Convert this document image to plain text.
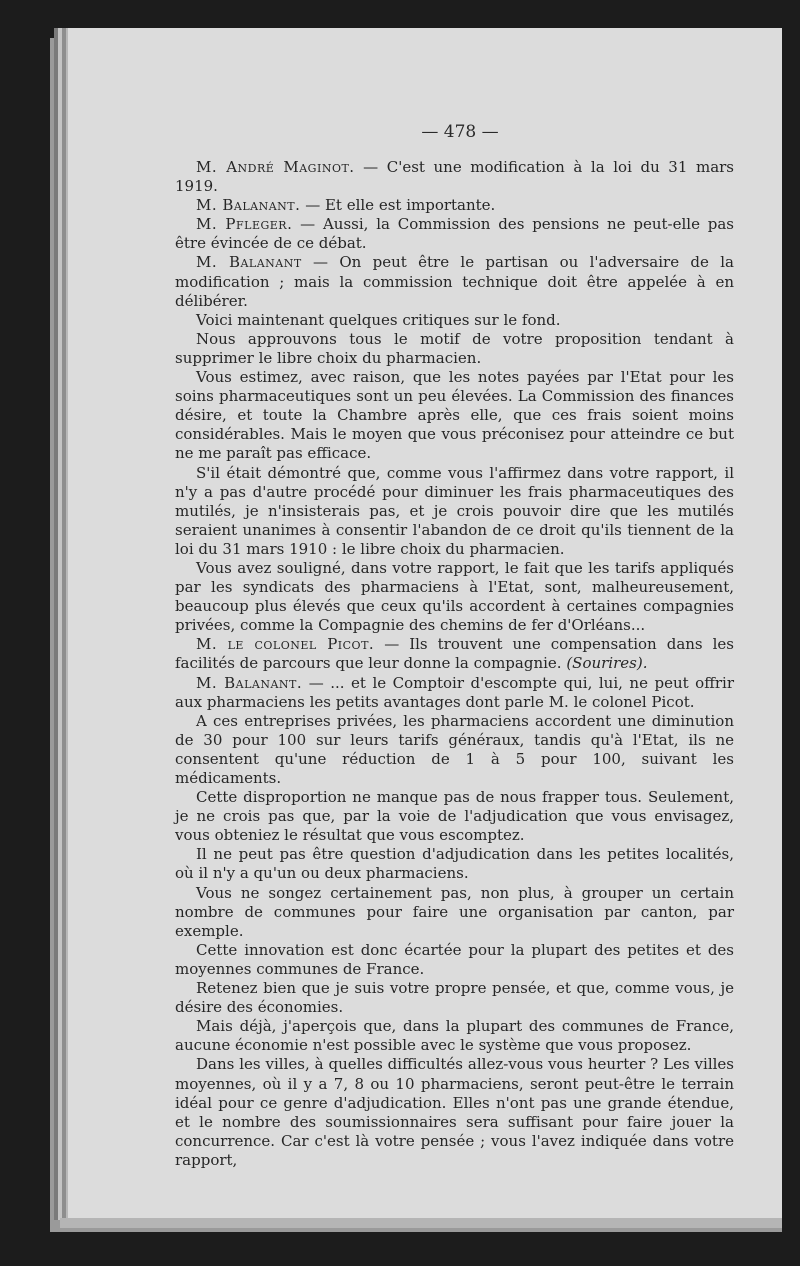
— 478 —

M. André Maginot. — C'est une modification à la loi du 31 mars 1919.

M. Balanant. — Et elle est importante.

M. Pfleger. — Aussi, la Commission des pensions ne peut-elle pas être évincée de ce débat.

M. Balanant — On peut être le partisan ou l'adversaire de la modification ; mais la commission technique doit être appelée à en délibérer.

Voici maintenant quelques critiques sur le fond.

Nous approuvons tous le motif de votre proposition tendant à supprimer le libre choix du pharmacien.

Vous estimez, avec raison, que les notes payées par l'Etat pour les soins pharmaceutiques sont un peu élevées. La Commission des finances désire, et toute la Chambre après elle, que ces frais soient moins considérables. Mais le moyen que vous préconisez pour atteindre ce but ne me paraît pas efficace.

S'il était démontré que, comme vous l'affirmez dans votre rapport, il n'y a pas d'autre procédé pour diminuer les frais pharmaceutiques des mutilés, je n'insisterais pas, et je crois pouvoir dire que les mutilés seraient unanimes à consentir l'abandon de ce droit qu'ils tiennent de la loi du 31 mars 1910 : le libre choix du pharmacien.

Vous avez souligné, dans votre rapport, le fait que les tarifs appliqués par les syndicats des pharmaciens à l'Etat, sont, malheureusement, beaucoup plus élevés que ceux qu'ils accordent à certaines compagnies privées, comme la Compagnie des chemins de fer d'Orléans...

M. le colonel Picot. — Ils trouvent une compensation dans les facilités de parcours que leur donne la compagnie. (Sourires).

M. Balanant. — ... et le Comptoir d'escompte qui, lui, ne peut offrir aux pharmaciens les petits avantages dont parle M. le colonel Picot.

A ces entreprises privées, les pharmaciens accordent une diminution de 30 pour 100 sur leurs tarifs généraux, tandis qu'à l'Etat, ils ne consentent qu'une réduction de 1 à 5 pour 100, suivant les médicaments.

Cette disproportion ne manque pas de nous frapper tous. Seulement, je ne crois pas que, par la voie de l'adjudication que vous envisagez, vous obteniez le résultat que vous escomptez.

Il ne peut pas être question d'adjudication dans les petites localités, où il n'y a qu'un ou deux pharmaciens.

Vous ne songez certainement pas, non plus, à grouper un certain nombre de communes pour faire une organisation par canton, par exemple.

Cette innovation est donc écartée pour la plupart des petites et des moyennes communes de France.

Retenez bien que je suis votre propre pensée, et que, comme vous, je désire des économies.

Mais déjà, j'aperçois que, dans la plupart des communes de France, aucune économie n'est possible avec le système que vous proposez.

Dans les villes, à quelles difficultés allez-vous vous heurter ? Les villes moyennes, où il y a 7, 8 ou 10 pharmaciens, seront peut-être le terrain idéal pour ce genre d'adjudication. Elles n'ont pas une grande étendue, et le nombre des soumissionnaires sera suffisant pour faire jouer la concurrence. Car c'est là votre pensée ; vous l'avez indiquée dans votre rapport,
